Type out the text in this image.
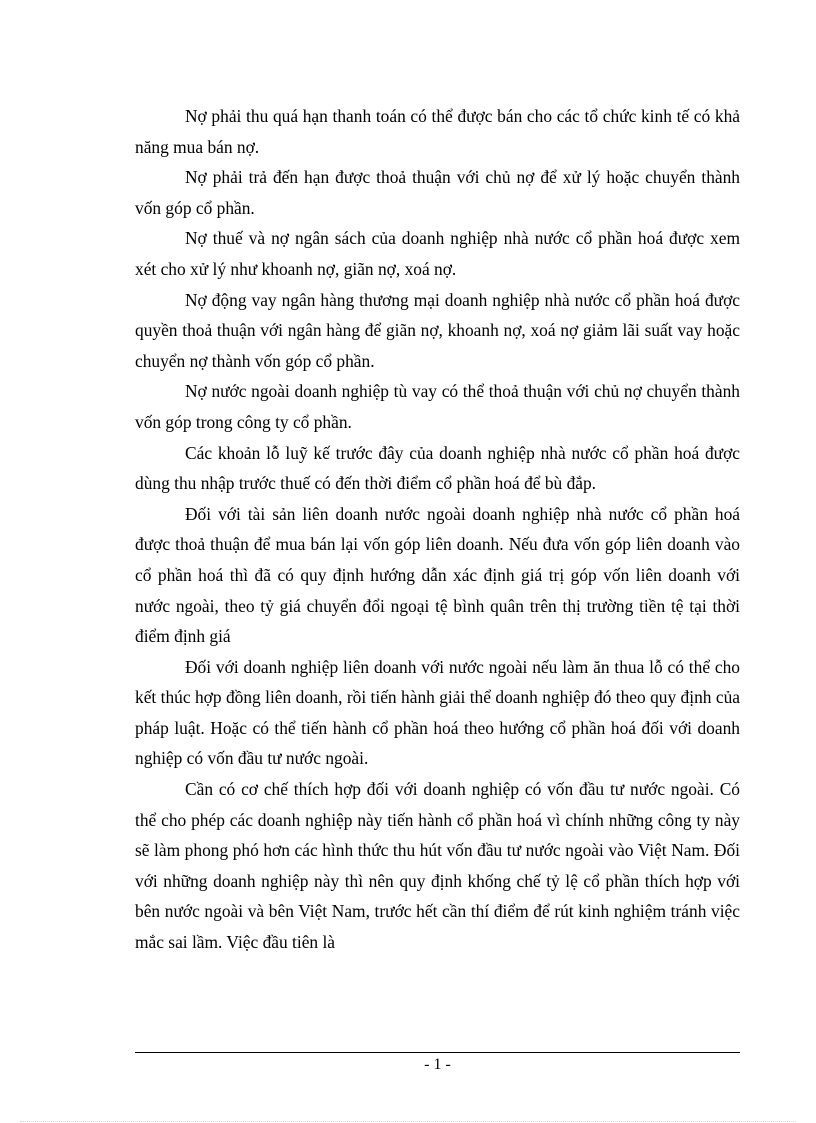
Nợ phải thu quá hạn thanh toán có thể được bán cho các tổ chức kinh tế có khả năng mua bán nợ.

Nợ phải trả đến hạn được thoả thuận với chủ nợ để xử lý hoặc chuyển thành vốn góp cổ phần.

Nợ thuế và nợ ngân sách của doanh nghiệp nhà nước cổ phần hoá được xem xét cho xử lý như khoanh nợ, giãn nợ, xoá nợ.

Nợ động vay ngân hàng thương mại doanh nghiệp nhà nước cổ phần hoá được quyền thoả thuận với ngân hàng để giãn nợ, khoanh nợ, xoá nợ giảm lãi suất vay hoặc chuyển nợ thành vốn góp cổ phần.

Nợ nước ngoài doanh nghiệp tù vay có thể thoả thuận với chủ nợ chuyển thành vốn góp trong công ty cổ phần.

Các khoản lỗ luỹ kế trước đây của doanh nghiệp nhà nước cổ phần hoá được dùng thu nhập trước thuế có đến thời điểm cổ phần hoá để bù đắp.

Đối với tài sản liên doanh nước ngoài doanh nghiệp nhà nước cổ phần hoá được thoả thuận để mua bán lại vốn góp liên doanh. Nếu đưa vốn góp liên doanh vào cổ phần hoá thì đã có quy định hướng dẫn xác định giá trị góp vốn liên doanh với nước ngoài, theo tỷ giá chuyển đổi ngoại tệ bình quân trên thị trường tiền tệ tại thời điểm định giá

Đối với doanh nghiệp liên doanh với nước ngoài nếu làm ăn thua lỗ có thể cho kết thúc hợp đồng liên doanh, rồi tiến hành giải thể doanh nghiệp đó theo quy định của pháp luật. Hoặc có thể tiến hành cổ phần hoá theo hướng cổ phần hoá đối với doanh nghiệp có vốn đầu tư nước ngoài.

Cần có cơ chế thích hợp đối với doanh nghiệp có vốn đầu tư nước ngoài. Có thể cho phép các doanh nghiệp này tiến hành cổ phần hoá vì chính những công ty này sẽ làm phong phó hơn các hình thức thu hút vốn đầu tư nước ngoài vào Việt Nam. Đối với những doanh nghiệp này thì nên quy định khống chế tỷ lệ cổ phần thích hợp với bên nước ngoài và bên Việt Nam, trước hết cần thí điểm để rút kinh nghiệm tránh việc mắc sai lầm. Việc đầu tiên là

- 1 -
